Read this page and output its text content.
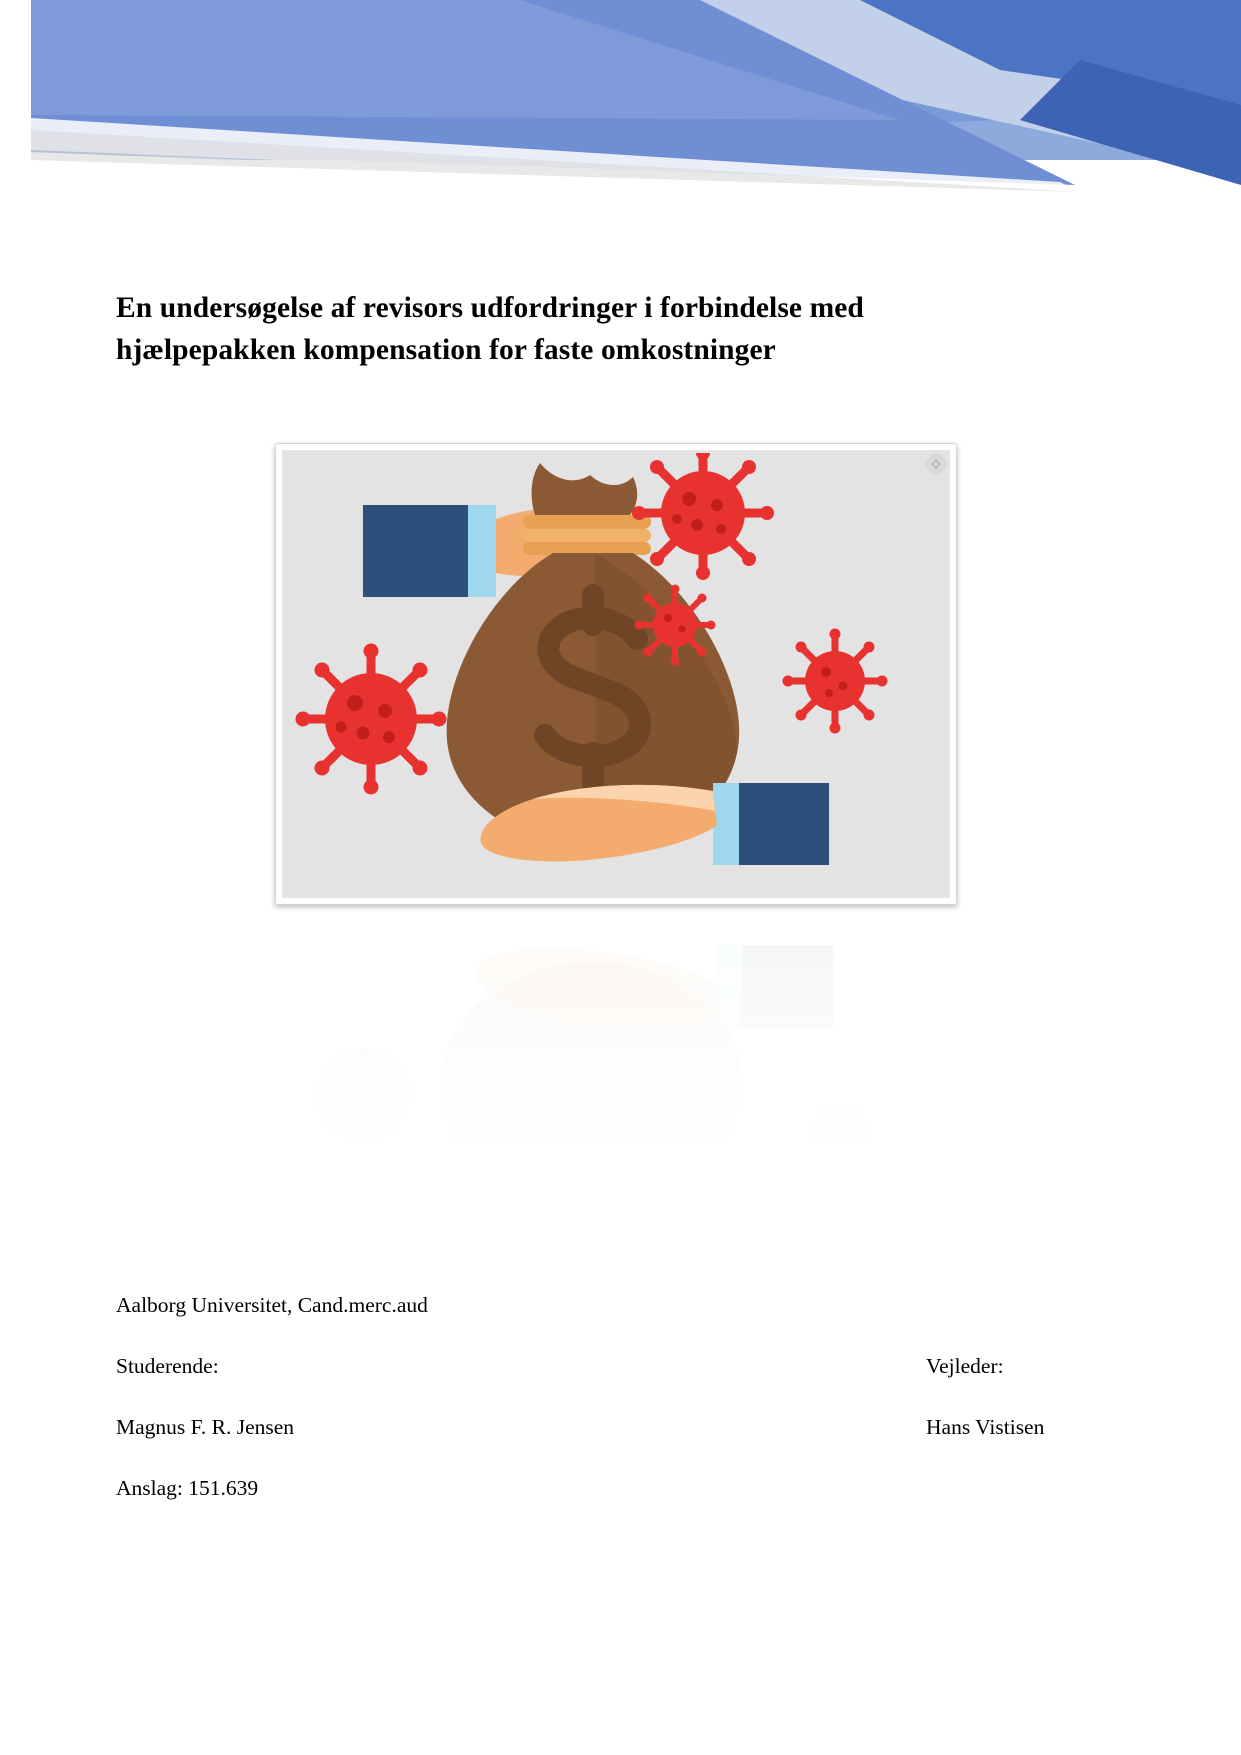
En undersøgelse af revisors udfordringer i forbindelse med hjælpepakken kompensation for faste omkostninger
◇
Aalborg Universitet, Cand.merc.aud
Studerende:	Vejleder:
Magnus F. R. Jensen	Hans Vistisen
Anslag: 151.639
